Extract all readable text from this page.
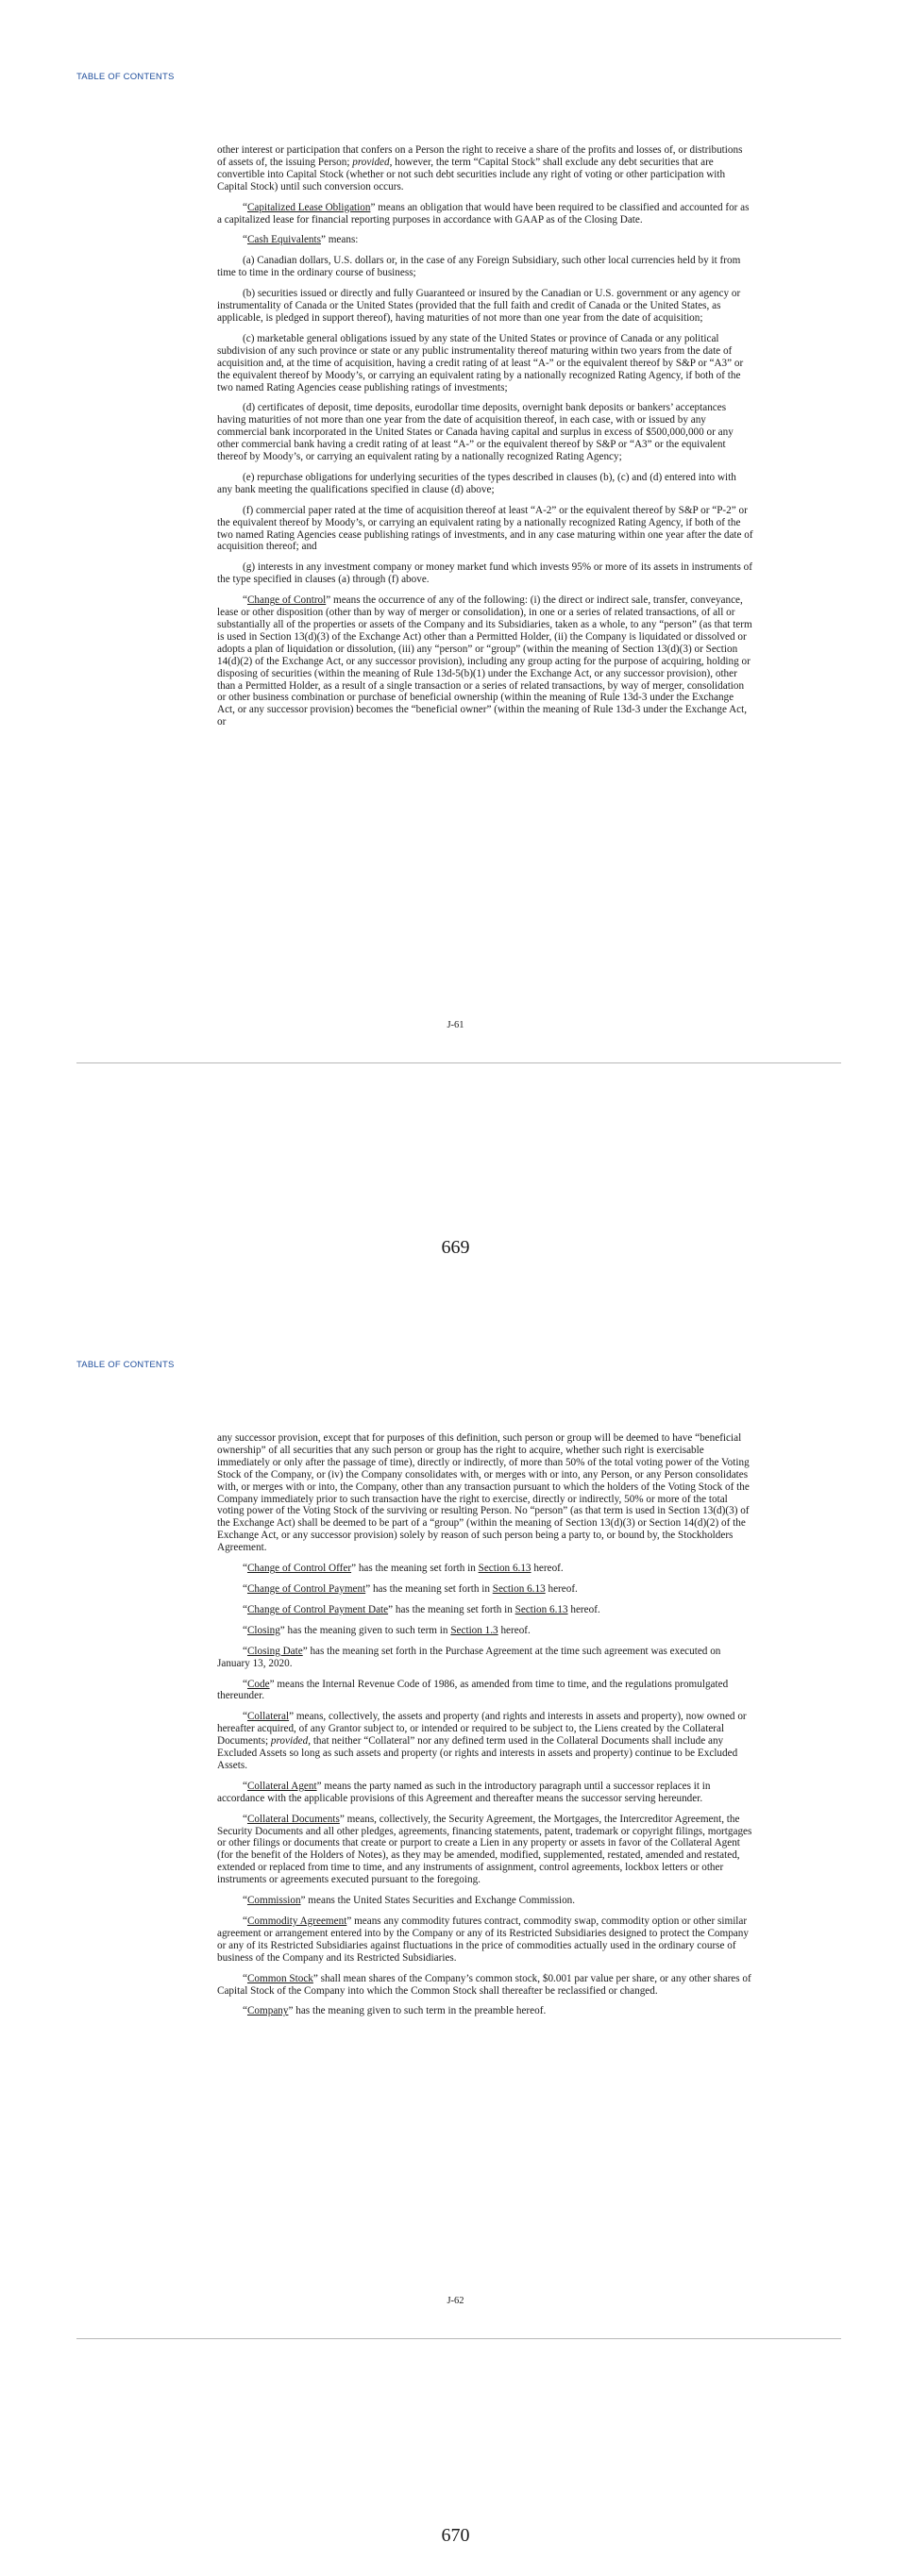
TABLE OF CONTENTS

other interest or participation that confers on a Person the right to receive a share of the profits and losses of, or distributions of assets of, the issuing Person; provided, however, the term “Capital Stock” shall exclude any debt securities that are convertible into Capital Stock (whether or not such debt securities include any right of voting or other participation with Capital Stock) until such conversion occurs.

“Capitalized Lease Obligation” means an obligation that would have been required to be classified and accounted for as a capitalized lease for financial reporting purposes in accordance with GAAP as of the Closing Date.

“Cash Equivalents” means:

(a) Canadian dollars, U.S. dollars or, in the case of any Foreign Subsidiary, such other local currencies held by it from time to time in the ordinary course of business;

(b) securities issued or directly and fully Guaranteed or insured by the Canadian or U.S. government or any agency or instrumentality of Canada or the United States (provided that the full faith and credit of Canada or the United States, as applicable, is pledged in support thereof), having maturities of not more than one year from the date of acquisition;

(c) marketable general obligations issued by any state of the United States or province of Canada or any political subdivision of any such province or state or any public instrumentality thereof maturing within two years from the date of acquisition and, at the time of acquisition, having a credit rating of at least “A-” or the equivalent thereof by S&P or “A3” or the equivalent thereof by Moody’s, or carrying an equivalent rating by a nationally recognized Rating Agency, if both of the two named Rating Agencies cease publishing ratings of investments;

(d) certificates of deposit, time deposits, eurodollar time deposits, overnight bank deposits or bankers’ acceptances having maturities of not more than one year from the date of acquisition thereof, in each case, with or issued by any commercial bank incorporated in the United States or Canada having capital and surplus in excess of $500,000,000 or any other commercial bank having a credit rating of at least “A-” or the equivalent thereof by S&P or “A3” or the equivalent thereof by Moody’s, or carrying an equivalent rating by a nationally recognized Rating Agency;

(e) repurchase obligations for underlying securities of the types described in clauses (b), (c) and (d) entered into with any bank meeting the qualifications specified in clause (d) above;

(f) commercial paper rated at the time of acquisition thereof at least “A-2” or the equivalent thereof by S&P or “P-2” or the equivalent thereof by Moody’s, or carrying an equivalent rating by a nationally recognized Rating Agency, if both of the two named Rating Agencies cease publishing ratings of investments, and in any case maturing within one year after the date of acquisition thereof; and

(g) interests in any investment company or money market fund which invests 95% or more of its assets in instruments of the type specified in clauses (a) through (f) above.

“Change of Control” means the occurrence of any of the following: (i) the direct or indirect sale, transfer, conveyance, lease or other disposition (other than by way of merger or consolidation), in one or a series of related transactions, of all or substantially all of the properties or assets of the Company and its Subsidiaries, taken as a whole, to any “person” (as that term is used in Section 13(d)(3) of the Exchange Act) other than a Permitted Holder, (ii) the Company is liquidated or dissolved or adopts a plan of liquidation or dissolution, (iii) any “person” or “group” (within the meaning of Section 13(d)(3) or Section 14(d)(2) of the Exchange Act, or any successor provision), including any group acting for the purpose of acquiring, holding or disposing of securities (within the meaning of Rule 13d-5(b)(1) under the Exchange Act, or any successor provision), other than a Permitted Holder, as a result of a single transaction or a series of related transactions, by way of merger, consolidation or other business combination or purchase of beneficial ownership (within the meaning of Rule 13d-3 under the Exchange Act, or any successor provision) becomes the “beneficial owner” (within the meaning of Rule 13d-3 under the Exchange Act, or

J-61
669
TABLE OF CONTENTS

any successor provision, except that for purposes of this definition, such person or group will be deemed to have “beneficial ownership” of all securities that any such person or group has the right to acquire, whether such right is exercisable immediately or only after the passage of time), directly or indirectly, of more than 50% of the total voting power of the Voting Stock of the Company, or (iv) the Company consolidates with, or merges with or into, any Person, or any Person consolidates with, or merges with or into, the Company, other than any transaction pursuant to which the holders of the Voting Stock of the Company immediately prior to such transaction have the right to exercise, directly or indirectly, 50% or more of the total voting power of the Voting Stock of the surviving or resulting Person. No “person” (as that term is used in Section 13(d)(3) of the Exchange Act) shall be deemed to be part of a “group” (within the meaning of Section 13(d)(3) or Section 14(d)(2) of the Exchange Act, or any successor provision) solely by reason of such person being a party to, or bound by, the Stockholders Agreement.

“Change of Control Offer” has the meaning set forth in Section 6.13 hereof.

“Change of Control Payment” has the meaning set forth in Section 6.13 hereof.

“Change of Control Payment Date” has the meaning set forth in Section 6.13 hereof.

“Closing” has the meaning given to such term in Section 1.3 hereof.

“Closing Date” has the meaning set forth in the Purchase Agreement at the time such agreement was executed on January 13, 2020.

“Code” means the Internal Revenue Code of 1986, as amended from time to time, and the regulations promulgated thereunder.

“Collateral” means, collectively, the assets and property (and rights and interests in assets and property), now owned or hereafter acquired, of any Grantor subject to, or intended or required to be subject to, the Liens created by the Collateral Documents; provided, that neither “Collateral” nor any defined term used in the Collateral Documents shall include any Excluded Assets so long as such assets and property (or rights and interests in assets and property) continue to be Excluded Assets.

“Collateral Agent” means the party named as such in the introductory paragraph until a successor replaces it in accordance with the applicable provisions of this Agreement and thereafter means the successor serving hereunder.

“Collateral Documents” means, collectively, the Security Agreement, the Mortgages, the Intercreditor Agreement, the Security Documents and all other pledges, agreements, financing statements, patent, trademark or copyright filings, mortgages or other filings or documents that create or purport to create a Lien in any property or assets in favor of the Collateral Agent (for the benefit of the Holders of Notes), as they may be amended, modified, supplemented, restated, amended and restated, extended or replaced from time to time, and any instruments of assignment, control agreements, lockbox letters or other instruments or agreements executed pursuant to the foregoing.

“Commission” means the United States Securities and Exchange Commission.

“Commodity Agreement” means any commodity futures contract, commodity swap, commodity option or other similar agreement or arrangement entered into by the Company or any of its Restricted Subsidiaries designed to protect the Company or any of its Restricted Subsidiaries against fluctuations in the price of commodities actually used in the ordinary course of business of the Company and its Restricted Subsidiaries.

“Common Stock” shall mean shares of the Company’s common stock, $0.001 par value per share, or any other shares of Capital Stock of the Company into which the Common Stock shall thereafter be reclassified or changed.

“Company” has the meaning given to such term in the preamble hereof.

J-62
670
